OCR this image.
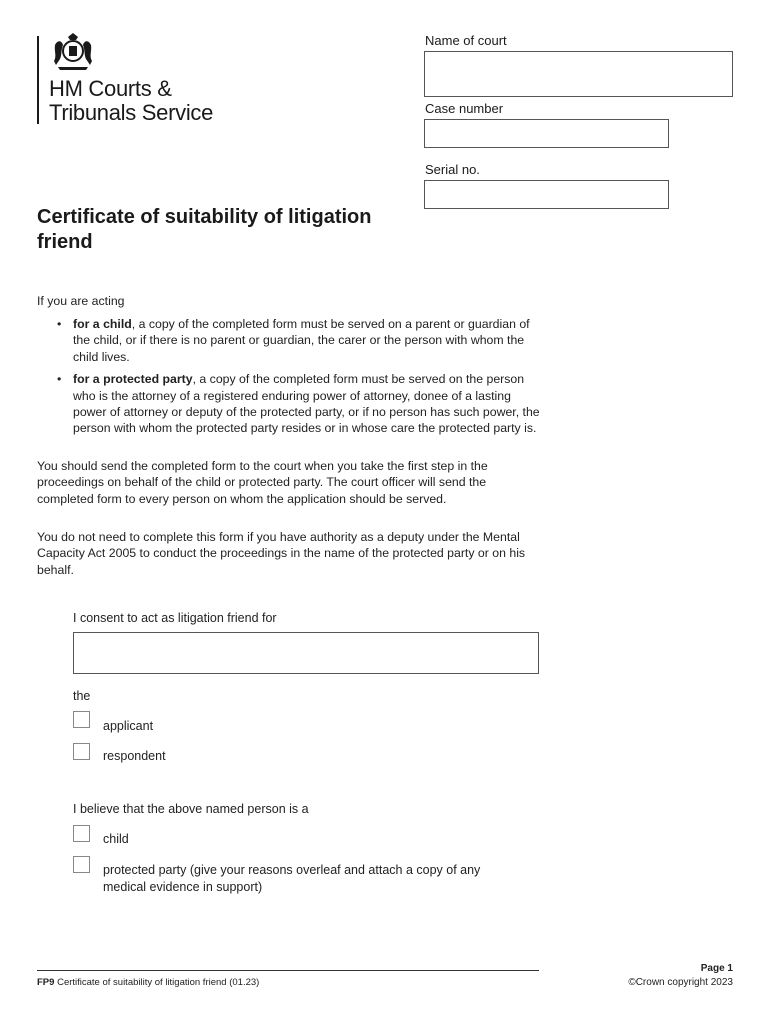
HM Courts &
Tribunals Service
Name of court
Case number
Serial no.
Certificate of suitability of litigation friend
If you are acting
• for a child, a copy of the completed form must be served on a parent or guardian of the child, or if there is no parent or guardian, the carer or the person with whom the child lives.
• for a protected party, a copy of the completed form must be served on the person who is the attorney of a registered enduring power of attorney, donee of a lasting power of attorney or deputy of the protected party, or if no person has such power, the person with whom the protected party resides or in whose care the protected party is.
You should send the completed form to the court when you take the first step in the proceedings on behalf of the child or protected party. The court officer will send the completed form to every person on whom the application should be served.
You do not need to complete this form if you have authority as a deputy under the Mental Capacity Act 2005 to conduct the proceedings in the name of the protected party or on his behalf.
I consent to act as litigation friend for
the
applicant
respondent
I believe that the above named person is a
child
protected party (give your reasons overleaf and attach a copy of any medical evidence in support)
FP9 Certificate of suitability of litigation friend (01.23)
Page 1
©Crown copyright 2023
